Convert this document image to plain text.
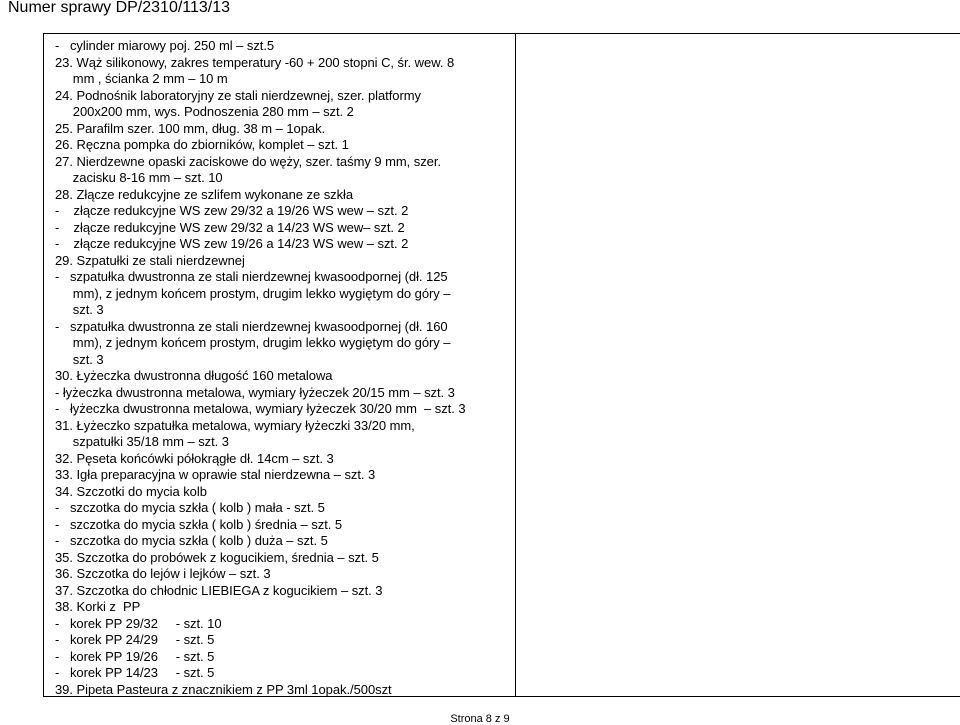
Numer sprawy DP/2310/113/13
-   cylinder miarowy poj. 250 ml – szt.5
23. Wąż silikonowy, zakres temperatury -60 + 200 stopni C, śr. wew. 8
mm , ścianka 2 mm – 10 m
24. Podnośnik laboratoryjny ze stali nierdzewnej, szer. platformy
200x200 mm, wys. Podnoszenia 280 mm – szt. 2
25. Parafilm szer. 100 mm, dług. 38 m – 1opak.
26. Ręczna pompka do zbiorników, komplet – szt. 1
27. Nierdzewne opaski zaciskowe do węży, szer. taśmy 9 mm, szer.
zacisku 8-16 mm – szt. 10
28. Złącze redukcyjne ze szlifem wykonane ze szkła
-    złącze redukcyjne WS zew 29/32 a 19/26 WS wew – szt. 2
-    złącze redukcyjne WS zew 29/32 a 14/23 WS wew– szt. 2
-    złącze redukcyjne WS zew 19/26 a 14/23 WS wew – szt. 2
29. Szpatułki ze stali nierdzewnej
-   szpatułka dwustronna ze stali nierdzewnej kwasoodpornej (dł. 125
mm), z jednym końcem prostym, drugim lekko wygiętym do góry –
szt. 3
-   szpatułka dwustronna ze stali nierdzewnej kwasoodpornej (dł. 160
mm), z jednym końcem prostym, drugim lekko wygiętym do góry –
szt. 3
30. Łyżeczka dwustronna długość 160 metalowa
- łyżeczka dwustronna metalowa, wymiary łyżeczek 20/15 mm – szt. 3
-   łyżeczka dwustronna metalowa, wymiary łyżeczek 30/20 mm  – szt. 3
31. Łyżeczko szpatułka metalowa, wymiary łyżeczki 33/20 mm,
szpatułki 35/18 mm – szt. 3
32. Pęseta końcówki półokrągłe dł. 14cm – szt. 3
33. Igła preparacyjna w oprawie stal nierdzewna – szt. 3
34. Szczotki do mycia kolb
-   szczotka do mycia szkła ( kolb ) mała - szt. 5
-   szczotka do mycia szkła ( kolb ) średnia – szt. 5
-   szczotka do mycia szkła ( kolb ) duża – szt. 5
35. Szczotka do probówek z kogucikiem, średnia – szt. 5
36. Szczotka do lejów i lejków – szt. 3
37. Szczotka do chłodnic LIEBIEGA z kogucikiem – szt. 3
38. Korki z  PP
-   korek PP 29/32     - szt. 10
-   korek PP 24/29     - szt. 5
-   korek PP 19/26     - szt. 5
-   korek PP 14/23     - szt. 5
39. Pipeta Pasteura z znacznikiem z PP 3ml 1opak./500szt
Strona 8 z 9
